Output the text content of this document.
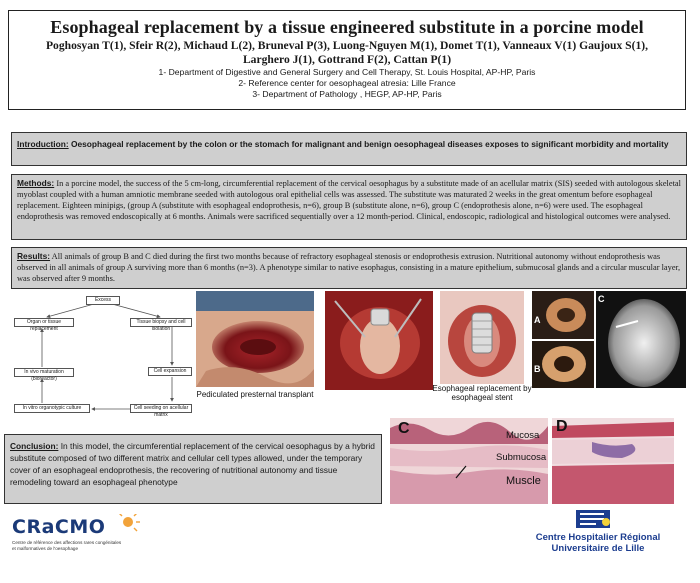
Esophageal replacement by a tissue engineered substitute in a porcine model
Poghosyan T(1), Sfeir R(2), Michaud L(2), Bruneval P(3), Luong-Nguyen M(1), Domet T(1), Vanneaux V(1) Gaujoux S(1),
Larghero J(1), Gottrand F(2), Cattan P(1)
1- Department of Digestive and General Surgery and Cell Therapy, St. Louis Hospital, AP-HP, Paris
2- Reference center for oesophageal atresia: Lille France
3- Department of Pathology , HEGP, AP-HP, Paris
Introduction: Oesophageal replacement by the colon or the stomach for malignant and benign oesophageal diseases exposes to significant morbidity and mortality
Methods: In a porcine model, the success of the 5 cm-long, circumferential replacement of the cervical oesophagus by a substitute made of an acellular matrix (SIS) seeded with autologous skeletal myoblast coupled with a human amniotic membrane seeded with autologous oral epithelial cells was assessed. The substitute was maturated 2 weeks in the great omentum before esophageal replacement. Eighteen minipigs, (group A (substitute with esophageal endoprothesis, n=6), group B (substitute alone, n=6), group C (endoprothesis alone, n=6) were used. The esophageal endoprothesis was removed endoscopically at 6 months. Animals were sacrificed sequentially over a 12 month-period. Clinical, endoscopic, radiological and histological outcomes were analysed.
Results: All animals of group B and C died during the first two months because of refractory esophageal stenosis or endoprothesis extrusion. Nutritional autonomy without endoprothesis was observed in all animals of group A surviving more than 6 months (n=3). A phenotype similar to native esophagus, consisting in a mature epithelium, submucosal glands and a circular muscular layer, was observed after 9 months.
Excess
Organ or tissue replacement
Tissue biopsy and cell isolation
In vivo maturation (bioreactor)
Cell expansion
In vitro organotypic culture	Cell seeding on acellular matrix
Pediculated presternal transplant
Esophageal replacement by esophageal stent
A
B
C
C	D
Mucosa
Submucosa
Muscle
Conclusion: In this model, the circumferential replacement of the cervical oesophagus by a hybrid substitute composed of two different matrix and cellular cell types allowed, under the temporary cover of an esophageal endoprothesis, the recovering of nutritional autonomy and tissue remodeling toward an esophageal phenotype
CRaCMO
Centre de référence des affections rares congénitales
et malformatives de l'oesophage
Centre Hospitalier Régional
Universitaire de Lille
